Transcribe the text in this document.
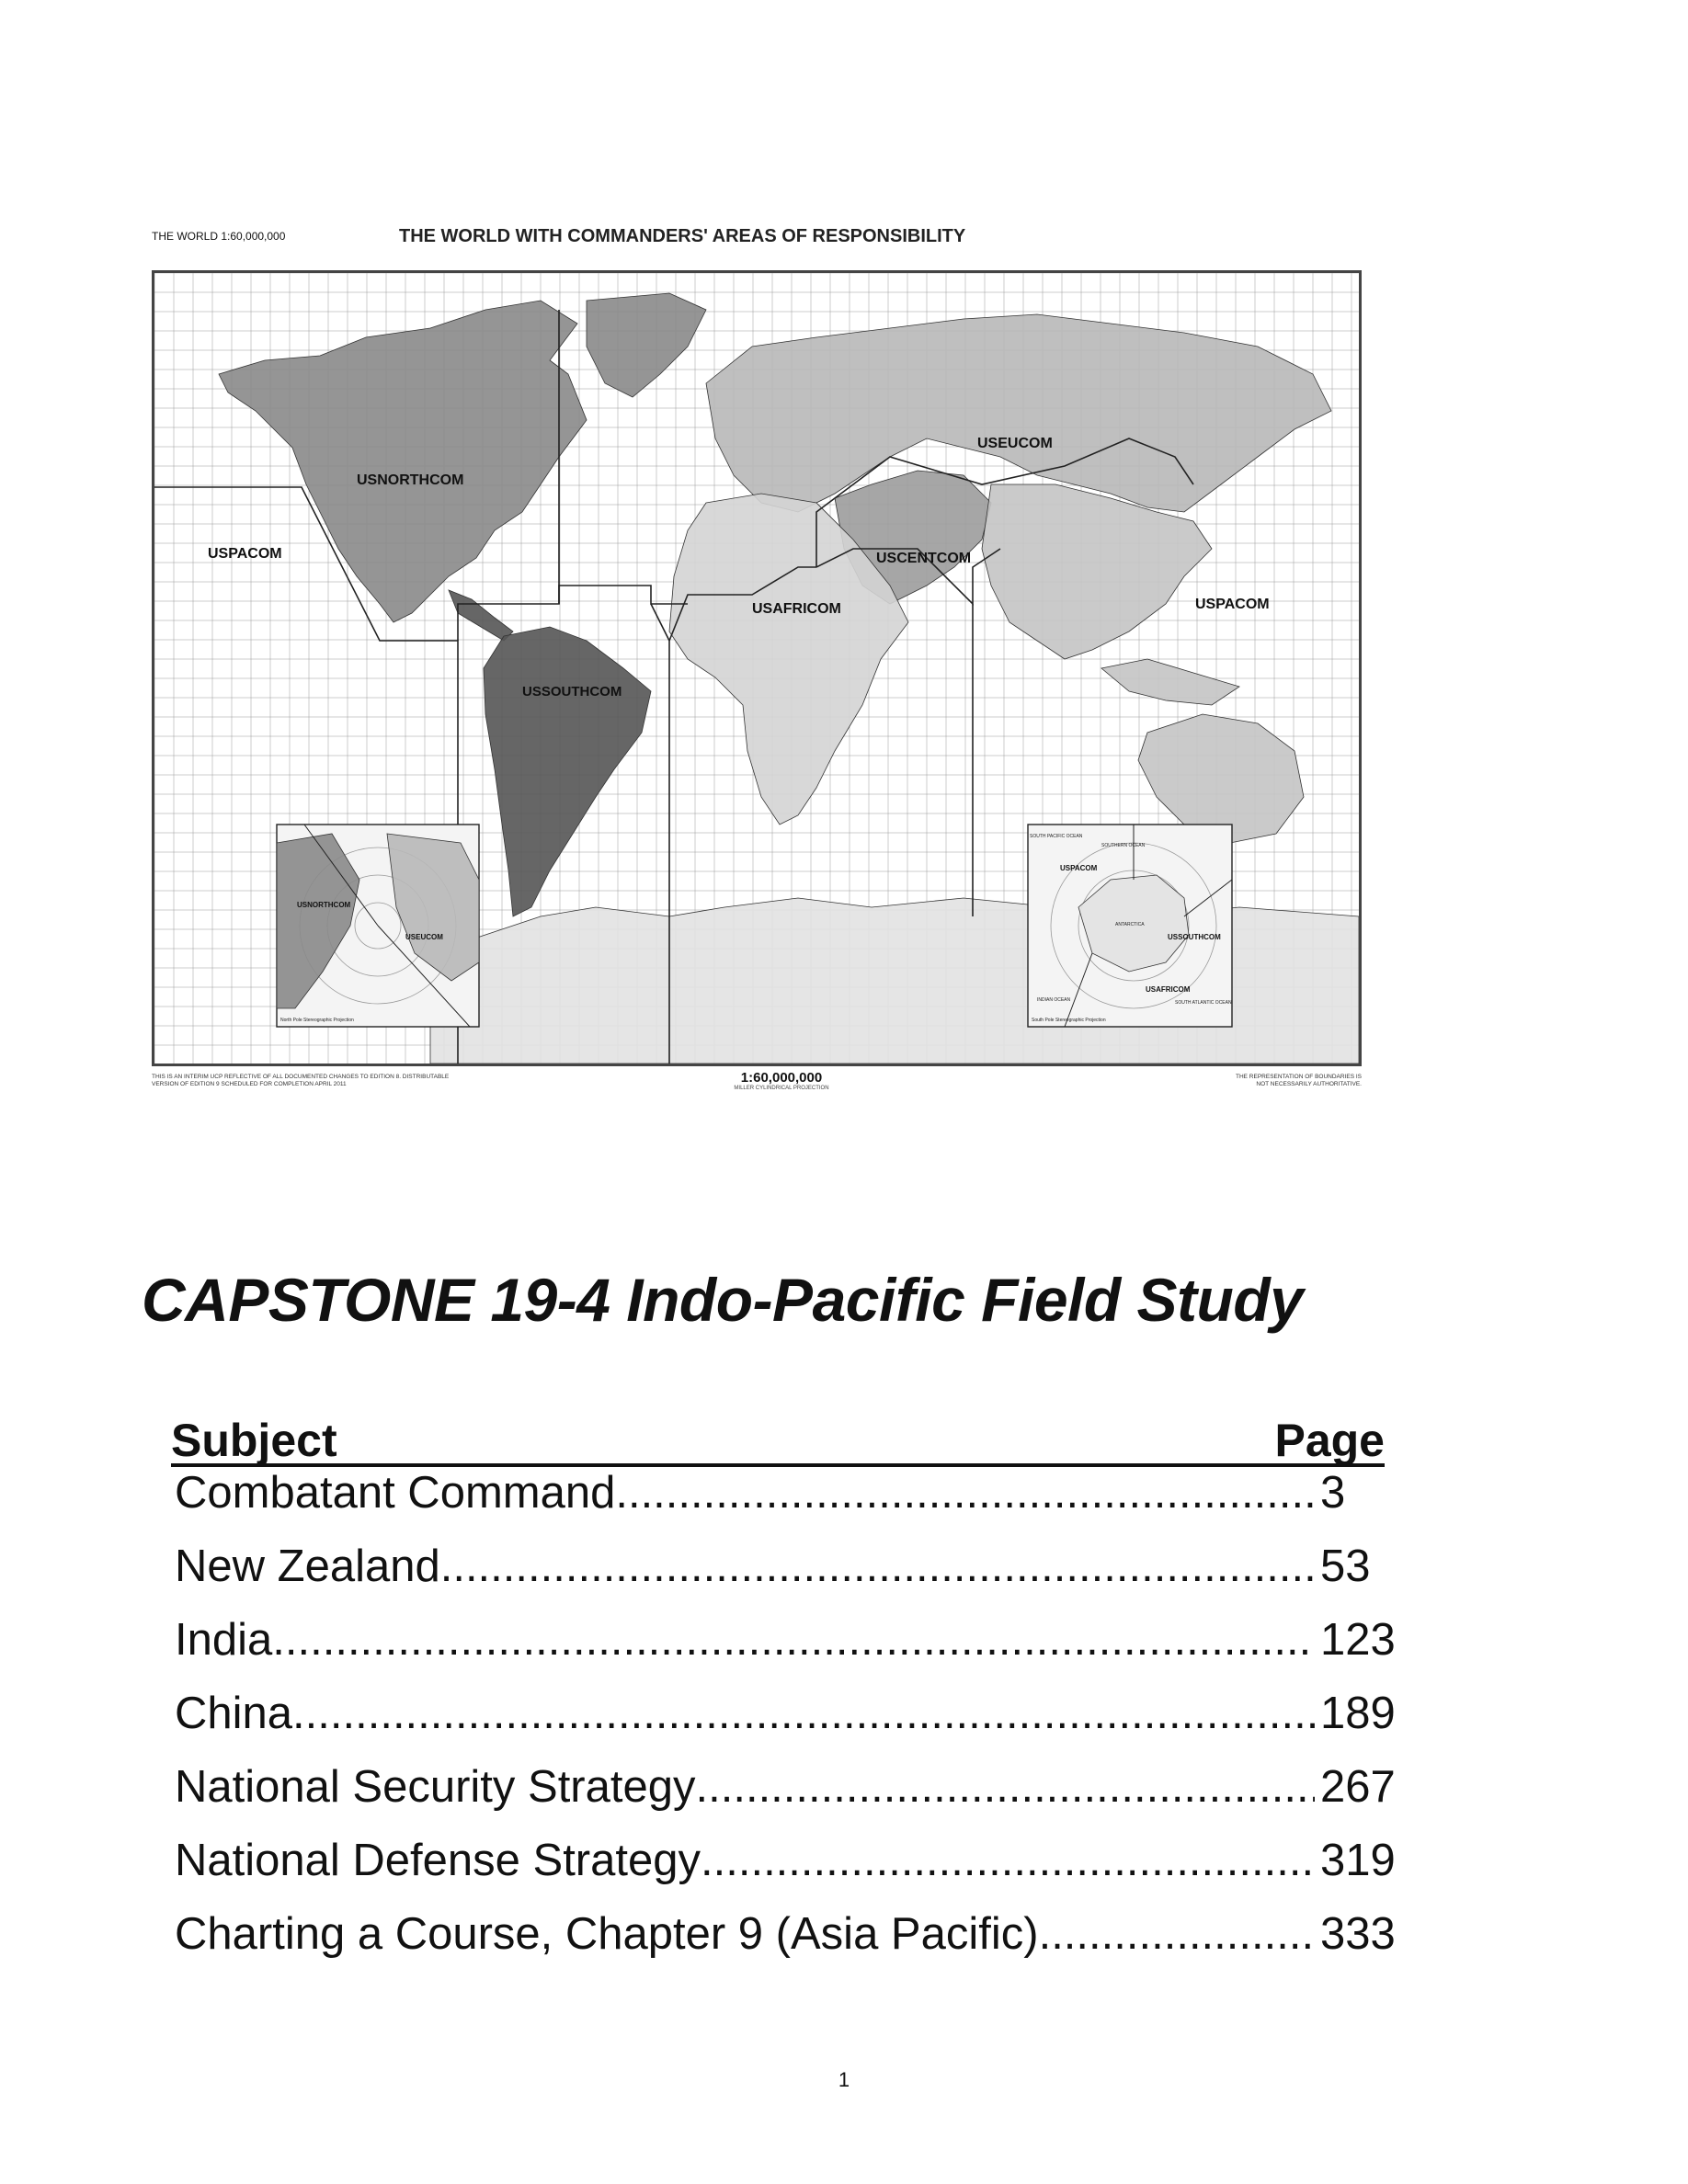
THE WORLD 1:60,000,000	THE WORLD WITH COMMANDERS' AREAS OF RESPONSIBILITY
USNORTHCOM
USPACOM
USSOUTHCOM
USEUCOM
USCENTCOM
USAFRICOM	USPACOM
USNORTHCOM
USEUCOM
North Pole Stereographic Projection
SOUTH PACIFIC OCEAN
SOUTHERN OCEAN
USPACOM
ANTARCTICA
USSOUTHCOM
USAFRICOM
INDIAN OCEAN	SOUTH ATLANTIC OCEAN
South Pole Stereographic Projection
THIS IS AN INTERIM UCP REFLECTIVE OF ALL DOCUMENTED CHANGES TO EDITION 8. DISTRIBUTABLE VERSION OF EDITION 9 SCHEDULED FOR COMPLETION APRIL 2011	1:60,000,000
MILLER CYLINDRICAL PROJECTION
THE REPRESENTATION OF BOUNDARIES IS NOT NECESSARILY AUTHORITATIVE.
CAPSTONE 19-4 Indo-Pacific Field Study
Subject	Page
Combatant Command .....	3
New Zealand .....	53
India .....	123
China .....	189
National Security Strategy .....	267
National Defense Strategy .....	319
Charting a Course, Chapter 9 (Asia Pacific) .....	333
1
